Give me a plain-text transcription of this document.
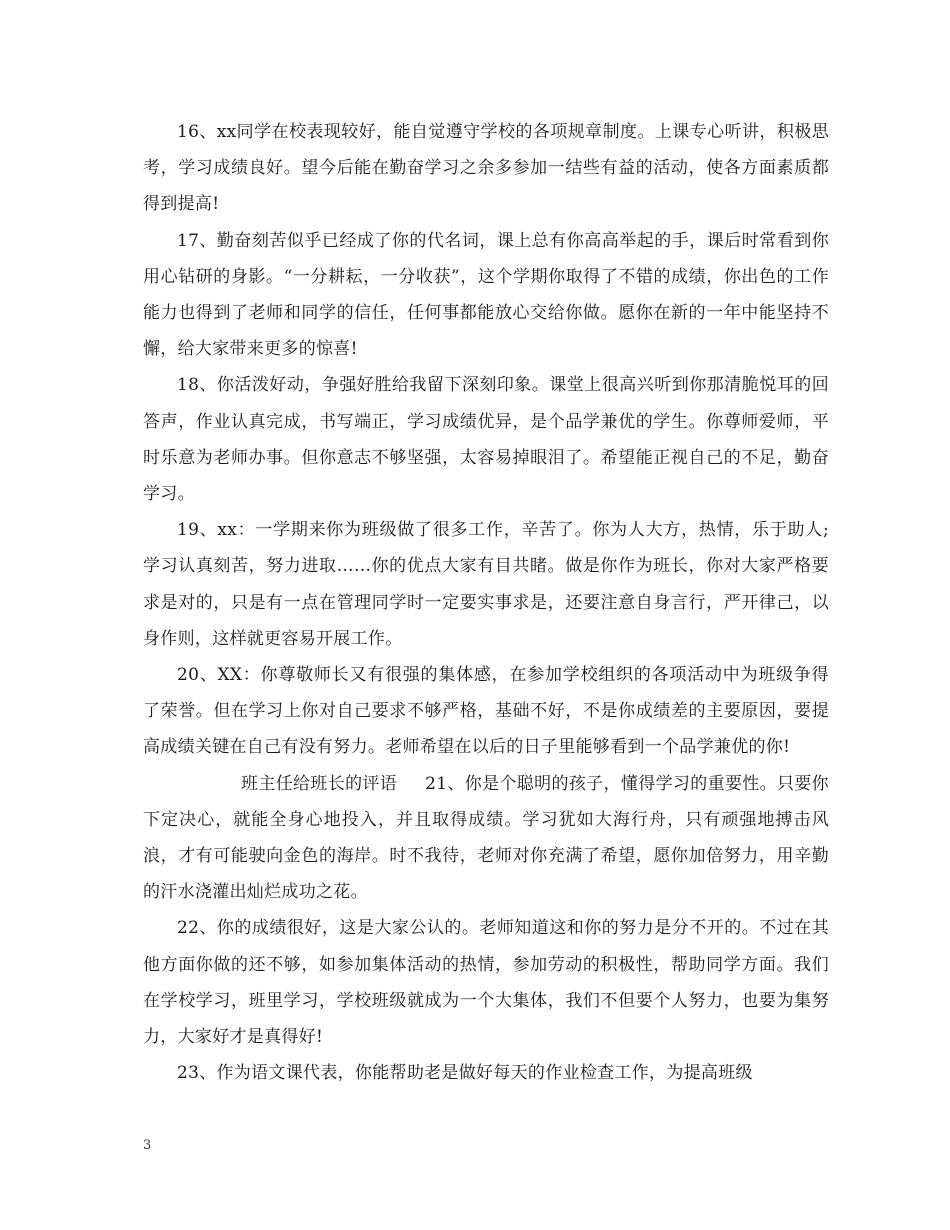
16、xx同学在校表现较好，能自觉遵守学校的各项规章制度。上课专心听讲，积极思考，学习成绩良好。望今后能在勤奋学习之余多参加一结些有益的活动，使各方面素质都得到提高!

17、勤奋刻苦似乎已经成了你的代名词，课上总有你高高举起的手，课后时常看到你用心钻研的身影。“一分耕耘，一分收获”，这个学期你取得了不错的成绩，你出色的工作能力也得到了老师和同学的信任，任何事都能放心交给你做。愿你在新的一年中能坚持不懈，给大家带来更多的惊喜!

18、你活泼好动，争强好胜给我留下深刻印象。课堂上很高兴听到你那清脆悦耳的回答声，作业认真完成，书写端正，学习成绩优异，是个品学兼优的学生。你尊师爱师，平时乐意为老师办事。但你意志不够坚强，太容易掉眼泪了。希望能正视自己的不足，勤奋学习。

19、xx：一学期来你为班级做了很多工作，辛苦了。你为人大方，热情，乐于助人;学习认真刻苦，努力进取……你的优点大家有目共睹。做是你作为班长，你对大家严格要求是对的，只是有一点在管理同学时一定要实事求是，还要注意自身言行，严开律己，以身作则，这样就更容易开展工作。

20、XX：你尊敬师长又有很强的集体感，在参加学校组织的各项活动中为班级争得了荣誉。但在学习上你对自己要求不够严格，基础不好，不是你成绩差的主要原因，要提高成绩关键在自己有没有努力。老师希望在以后的日子里能够看到一个品学兼优的你!

班主任给班长的评语 21、你是个聪明的孩子，懂得学习的重要性。只要你下定决心，就能全身心地投入，并且取得成绩。学习犹如大海行舟，只有顽强地搏击风浪，才有可能驶向金色的海岸。时不我待，老师对你充满了希望，愿你加倍努力，用辛勤的汗水浇灌出灿烂成功之花。

22、你的成绩很好，这是大家公认的。老师知道这和你的努力是分不开的。不过在其他方面你做的还不够，如参加集体活动的热情，参加劳动的积极性，帮助同学方面。我们在学校学习，班里学习，学校班级就成为一个大集体，我们不但要个人努力，也要为集努力，大家好才是真得好!

23、作为语文课代表，你能帮助老是做好每天的作业检查工作，为提高班级

3
